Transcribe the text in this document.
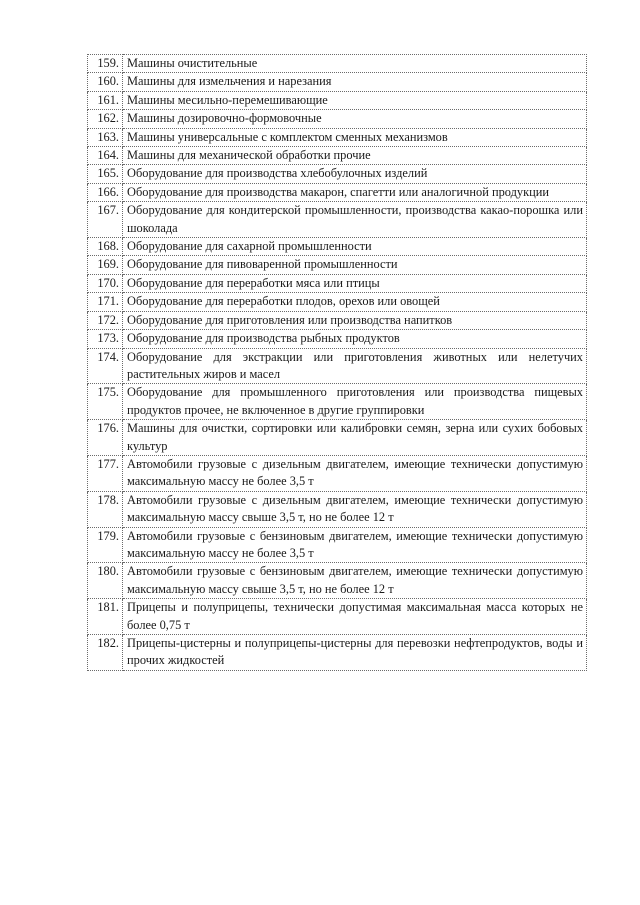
159.	Машины очистительные
160.	Машины для измельчения и нарезания
161.	Машины месильно-перемешивающие
162.	Машины дозировочно-формовочные
163.	Машины универсальные с комплектом сменных механизмов
164.	Машины для механической обработки прочие
165.	Оборудование для производства хлебобулочных изделий
166.	Оборудование для производства макарон, спагетти или аналогичной продукции
167.	Оборудование для кондитерской промышленности, производства какао-порошка или шоколада
168.	Оборудование для сахарной промышленности
169.	Оборудование для пивоваренной промышленности
170.	Оборудование для переработки мяса или птицы
171.	Оборудование для переработки плодов, орехов или овощей
172.	Оборудование для приготовления или производства напитков
173.	Оборудование для производства рыбных продуктов
174.	Оборудование для экстракции или приготовления животных или нелетучих растительных жиров и масел
175.	Оборудование для промышленного приготовления или производства пищевых продуктов прочее, не включенное в другие группировки
176.	Машины для очистки, сортировки или калибровки семян, зерна или сухих бобовых культур
177.	Автомобили грузовые с дизельным двигателем, имеющие технически допустимую максимальную массу не более 3,5 т
178.	Автомобили грузовые с дизельным двигателем, имеющие технически допустимую максимальную массу свыше 3,5 т, но не более 12 т
179.	Автомобили грузовые с бензиновым двигателем, имеющие технически допустимую максимальную массу не более 3,5 т
180.	Автомобили грузовые с бензиновым двигателем, имеющие технически допустимую максимальную массу свыше 3,5 т, но не более 12 т
181.	Прицепы и полуприцепы, технически допустимая максимальная масса которых не более 0,75 т
182.	Прицепы-цистерны и полуприцепы-цистерны для перевозки нефтепродуктов, воды и прочих жидкостей
